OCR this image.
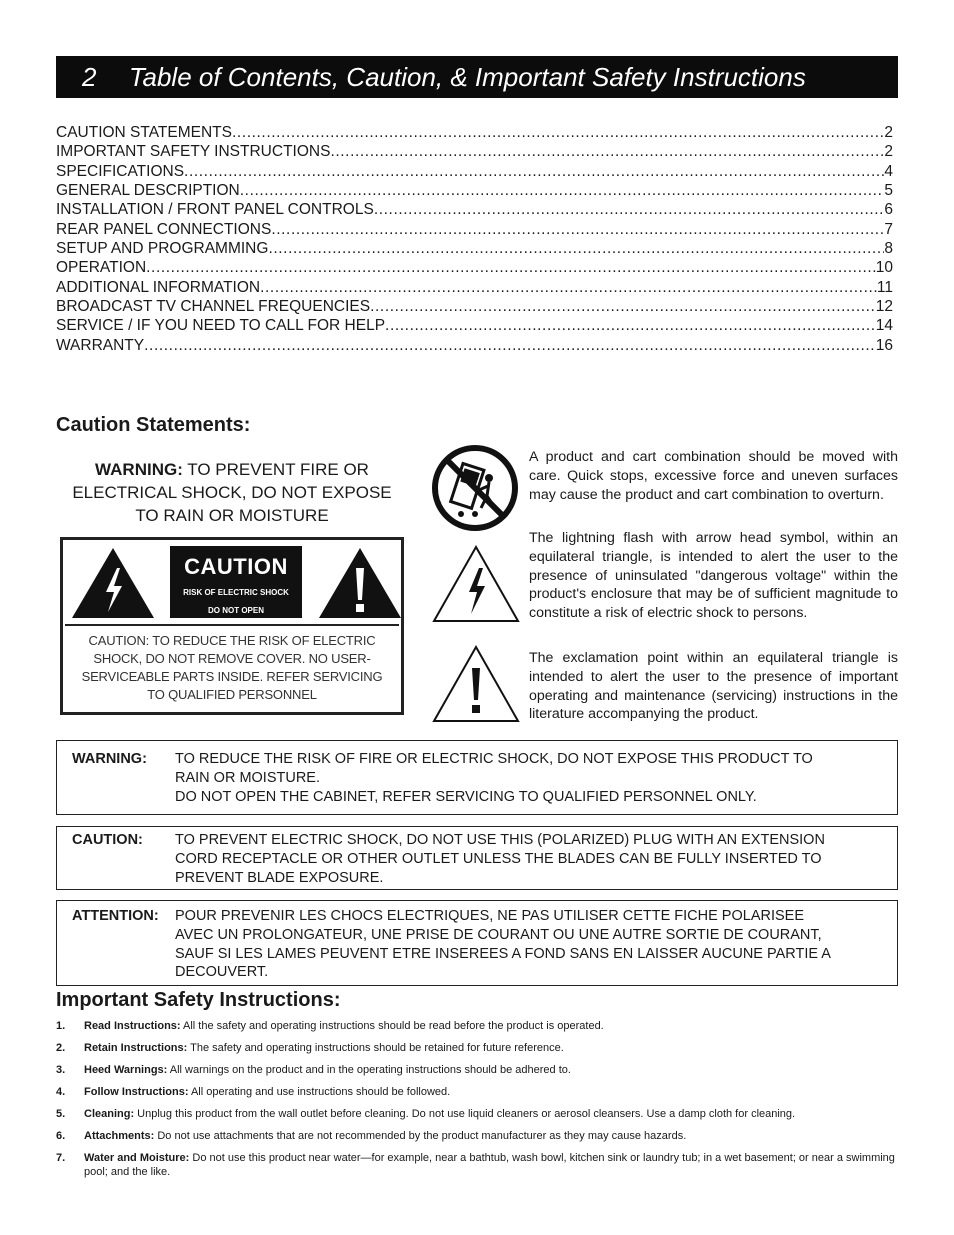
2 Table of Contents, Caution, & Important Safety Instructions
CAUTION STATEMENTS .....	2
IMPORTANT SAFETY INSTRUCTIONS .....	2
SPECIFICATIONS .....	4
GENERAL DESCRIPTION .....	5
INSTALLATION / FRONT PANEL CONTROLS .....	6
REAR PANEL CONNECTIONS .....	7
SETUP AND PROGRAMMING .....	8
OPERATION .....	10
ADDITIONAL INFORMATION .....	11
BROADCAST TV CHANNEL FREQUENCIES .....	12
SERVICE / IF YOU NEED TO CALL FOR HELP .....	14
WARRANTY .....	16
Caution Statements:
WARNING: TO PREVENT FIRE OR ELECTRICAL SHOCK, DO NOT EXPOSE TO RAIN OR MOISTURE
CAUTION
RISK OF ELECTRIC SHOCK
DO NOT OPEN
CAUTION: TO REDUCE THE RISK OF ELECTRIC
SHOCK, DO NOT REMOVE COVER. NO USER-
SERVICEABLE PARTS INSIDE. REFER SERVICING
TO QUALIFIED PERSONNEL
A product and cart combination should be moved with care. Quick stops, excessive force and uneven surfaces may cause the product and cart combination to overturn.
The lightning flash with arrow head symbol, within an equilateral triangle, is intended to alert the user to the presence of uninsulated "dangerous voltage" within the product's enclosure that may be of sufficient magnitude to constitute a risk of electric shock to persons.
The exclamation point within an equilateral triangle is intended to alert the user to the presence of important operating and maintenance (servicing) instructions in the literature accompanying the product.
WARNING: TO REDUCE THE RISK OF FIRE OR ELECTRIC SHOCK, DO NOT EXPOSE THIS PRODUCT TO
RAIN OR MOISTURE.
DO NOT OPEN THE CABINET, REFER SERVICING TO QUALIFIED PERSONNEL ONLY.
CAUTION: TO PREVENT ELECTRIC SHOCK, DO NOT USE THIS (POLARIZED) PLUG WITH AN EXTENSION
CORD RECEPTACLE OR OTHER OUTLET UNLESS THE BLADES CAN BE FULLY INSERTED TO
PREVENT BLADE EXPOSURE.
ATTENTION: POUR PREVENIR LES CHOCS ELECTRIQUES, NE PAS UTILISER CETTE FICHE POLARISEE
AVEC UN PROLONGATEUR, UNE PRISE DE COURANT OU UNE AUTRE SORTIE DE COURANT,
SAUF SI LES LAMES PEUVENT ETRE INSEREES A FOND SANS EN LAISSER AUCUNE PARTIE A
DECOUVERT.
Important Safety Instructions:
1. Read Instructions: All the safety and operating instructions should be read before the product is operated.
2. Retain Instructions: The safety and operating instructions should be retained for future reference.
3. Heed Warnings: All warnings on the product and in the operating instructions should be adhered to.
4. Follow Instructions: All operating and use instructions should be followed.
5. Cleaning: Unplug this product from the wall outlet before cleaning. Do not use liquid cleaners or aerosol cleansers. Use a damp cloth for cleaning.
6. Attachments: Do not use attachments that are not recommended by the product manufacturer as they may cause hazards.
7. Water and Moisture: Do not use this product near water—for example, near a bathtub, wash bowl, kitchen sink or laundry tub; in a wet basement; or near a swimming pool; and the like.
